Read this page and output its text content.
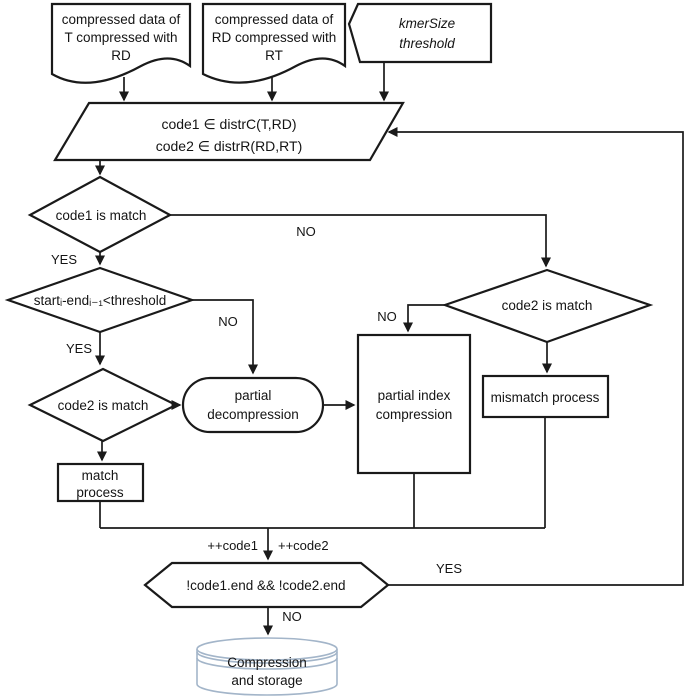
compressed data of
T compressed with
RD
compressed data of
RD compressed with
RT
kmerSize
threshold
code1 ∈ distrC(T,RD)
code2 ∈ distrR(RD,RT)
code1 is match
startᵢ-endᵢ₋₁<threshold
code2 is match
partial
decompression
partial index
compression
code2 is match
mismatch process
match
process
!code1.end && !code2.end
Compression
and storage
YES
NO
YES
NO	NO
++code1 ++code2
YES
NO
